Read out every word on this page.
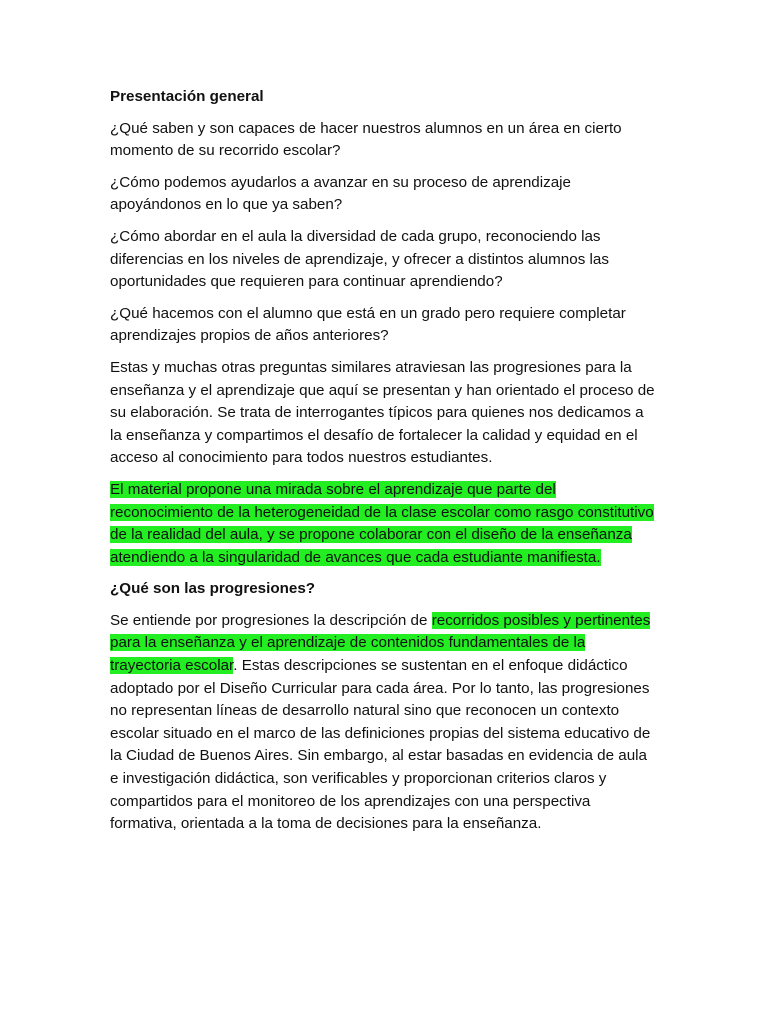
Presentación general

¿Qué saben y son capaces de hacer nuestros alumnos en un área en cierto momento de su recorrido escolar?

¿Cómo podemos ayudarlos a avanzar en su proceso de aprendizaje apoyándonos en lo que ya saben?

¿Cómo abordar en el aula la diversidad de cada grupo, reconociendo las diferencias en los niveles de aprendizaje, y ofrecer a distintos alumnos las oportunidades que requieren para continuar aprendiendo?

¿Qué hacemos con el alumno que está en un grado pero requiere completar aprendizajes propios de años anteriores?

Estas y muchas otras preguntas similares atraviesan las progresiones para la enseñanza y el aprendizaje que aquí se presentan y han orientado el proceso de su elaboración. Se trata de interrogantes típicos para quienes nos dedicamos a la enseñanza y compartimos el desafío de fortalecer la calidad y equidad en el acceso al conocimiento para todos nuestros estudiantes.

El material propone una mirada sobre el aprendizaje que parte del reconocimiento de la heterogeneidad de la clase escolar como rasgo constitutivo de la realidad del aula, y se propone colaborar con el diseño de la enseñanza atendiendo a la singularidad de avances que cada estudiante manifiesta.

¿Qué son las progresiones?

Se entiende por progresiones la descripción de recorridos posibles y pertinentes para la enseñanza y el aprendizaje de contenidos fundamentales de la trayectoria escolar. Estas descripciones se sustentan en el enfoque didáctico adoptado por el Diseño Curricular para cada área. Por lo tanto, las progresiones no representan líneas de desarrollo natural sino que reconocen un contexto escolar situado en el marco de las definiciones propias del sistema educativo de la Ciudad de Buenos Aires. Sin embargo, al estar basadas en evidencia de aula e investigación didáctica, son verificables y proporcionan criterios claros y compartidos para el monitoreo de los aprendizajes con una perspectiva formativa, orientada a la toma de decisiones para la enseñanza.
